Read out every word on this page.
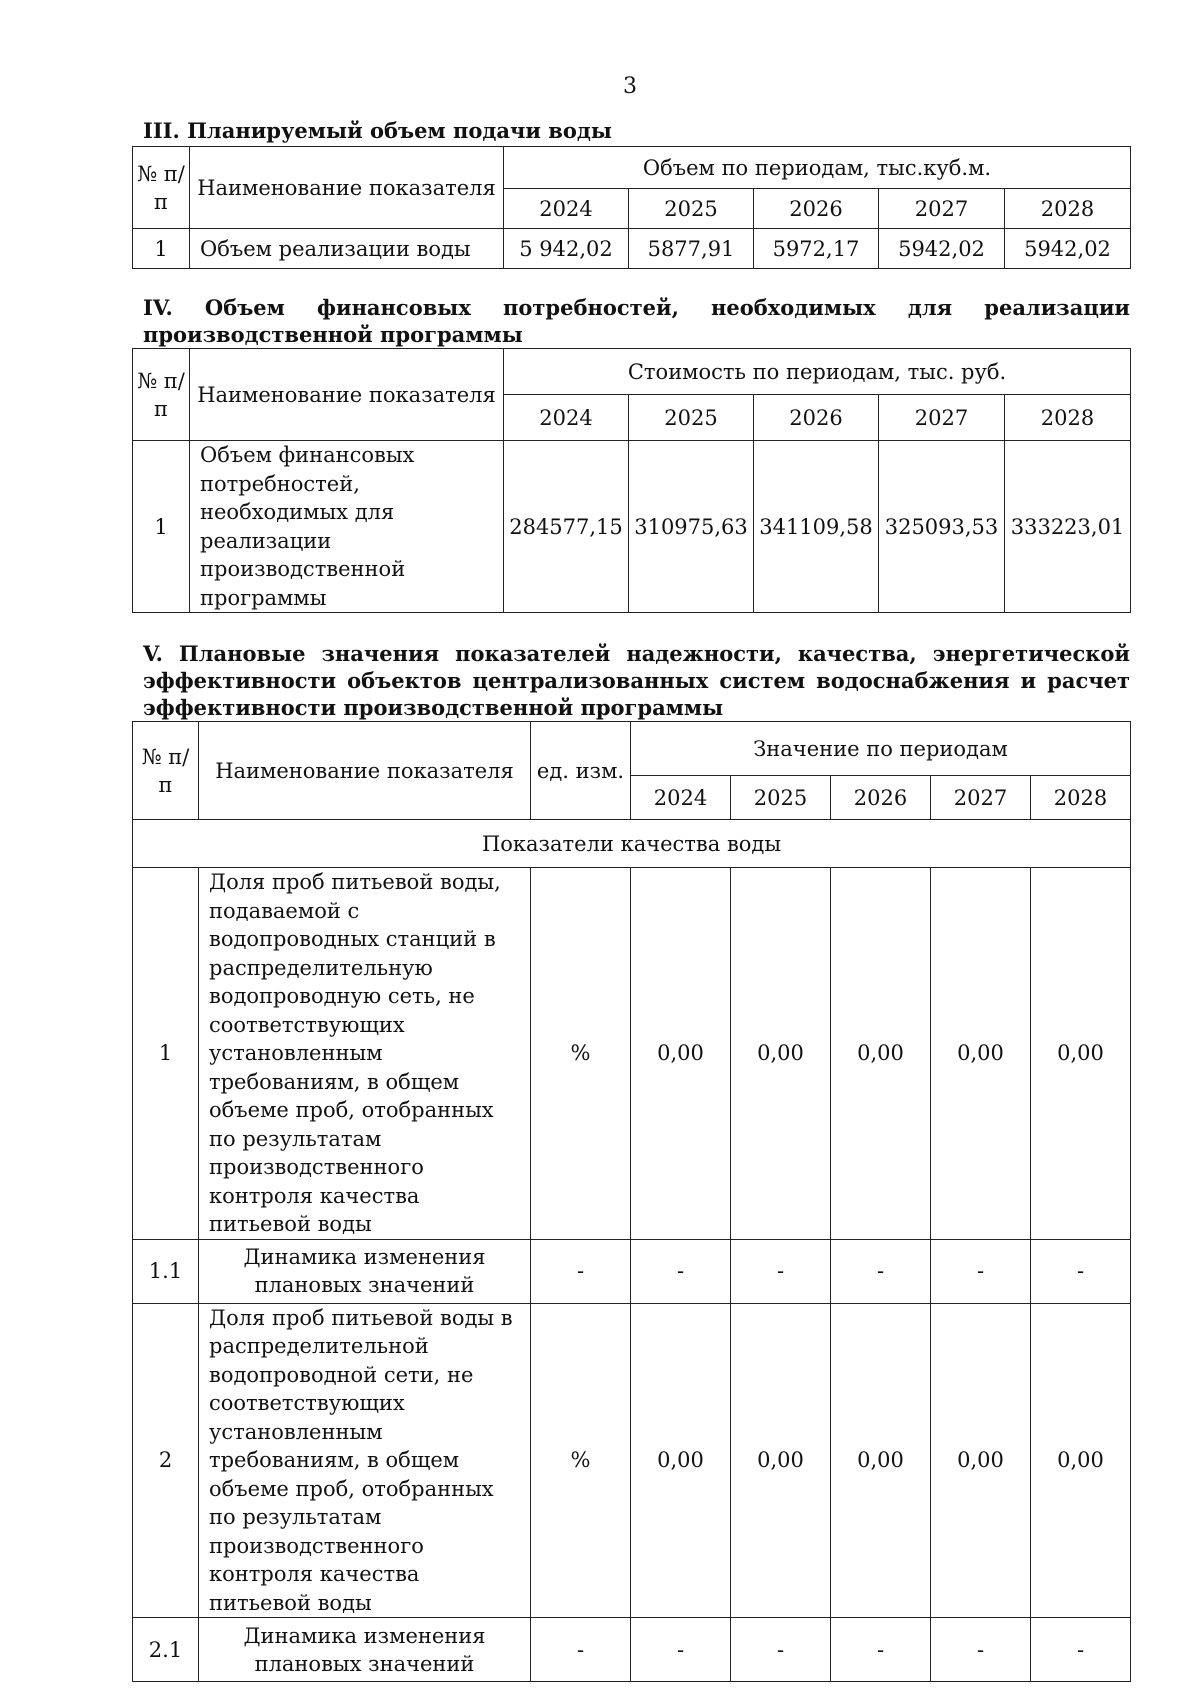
3
III. Планируемый объем подачи воды
№ п/п	Наименование показателя	Объем по периодам, тыс.куб.м.				
		2024	2025	2026	2027	2028
1	Объем реализации воды	5 942,02	5877,91	5972,17	5942,02	5942,02
IV. Объем финансовых потребностей, необходимых для реализации производственной программы
№ п/п	Наименование показателя	Стоимость по периодам, тыс. руб.				
		2024	2025	2026	2027	2028
1	Объем финансовых потребностей, необходимых для реализации производственной программы	284577,15	310975,63	341109,58	325093,53	333223,01
V. Плановые значения показателей надежности, качества, энергетической эффективности объектов централизованных систем водоснабжения и расчет эффективности производственной программы
№ п/п	Наименование показателя	ед. изм.	Значение по периодам				
			2024	2025	2026	2027	2028
Показатели качества воды							
1	Доля проб питьевой воды, подаваемой с водопроводных станций в распределительную водопроводную сеть, не соответствующих установленным требованиям, в общем объеме проб, отобранных по результатам производственного контроля качества питьевой воды	%	0,00	0,00	0,00	0,00	0,00
1.1	Динамика изменения плановых значений	-	-	-	-	-	-
2	Доля проб питьевой воды в распределительной водопроводной сети, не соответствующих установленным требованиям, в общем объеме проб, отобранных по результатам производственного контроля качества питьевой воды	%	0,00	0,00	0,00	0,00	0,00
2.1	Динамика изменения плановых значений	-	-	-	-	-	-
